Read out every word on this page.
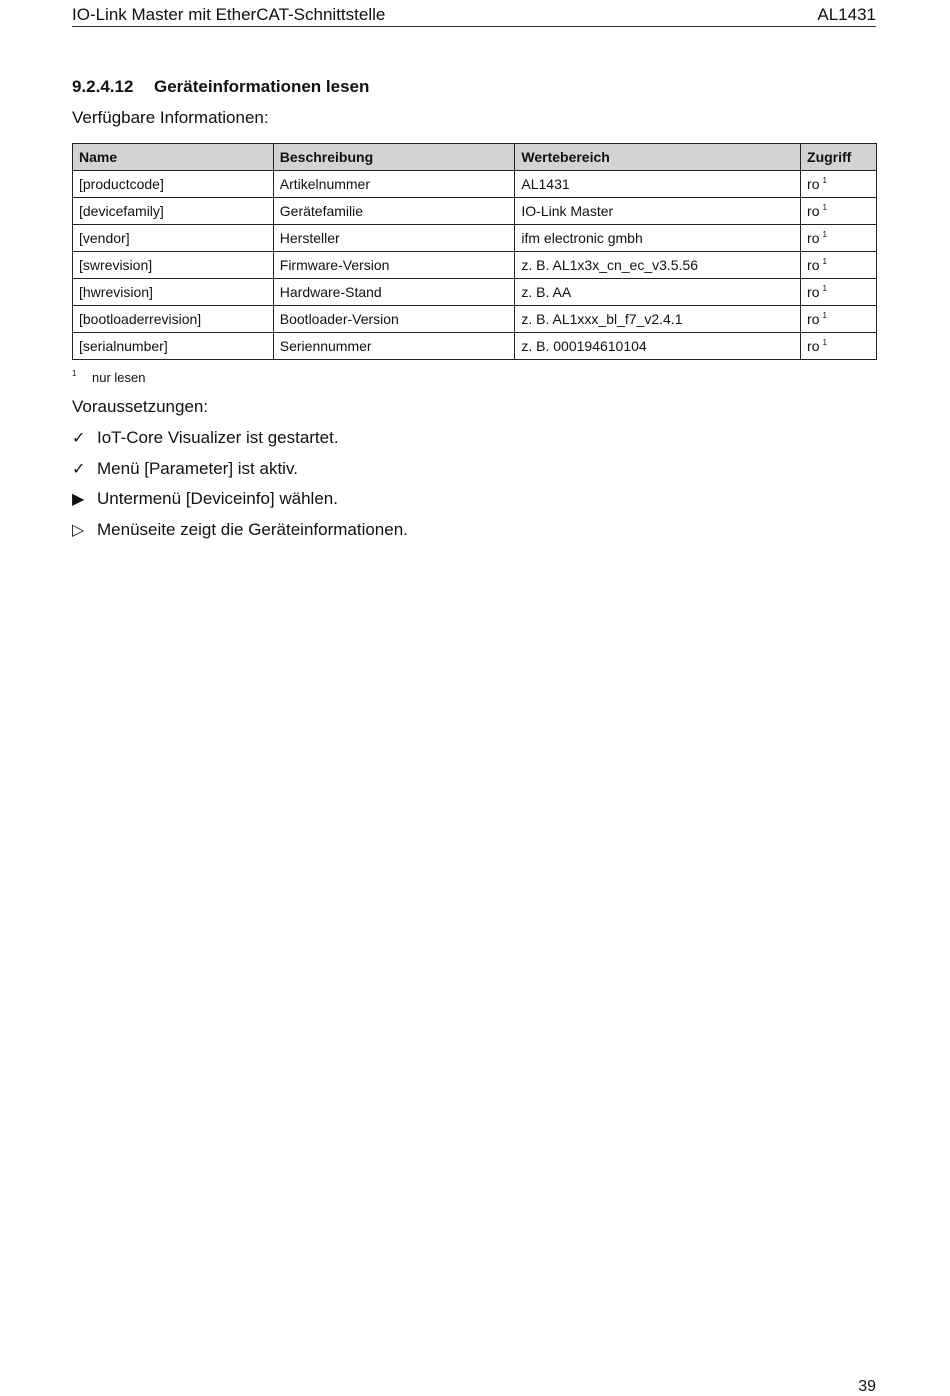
IO-Link Master mit EtherCAT-Schnittstelle	AL1431
9.2.4.12 Geräteinformationen lesen
Verfügbare Informationen:
Name	Beschreibung	Wertebereich	Zugriff
[productcode]	Artikelnummer	AL1431	ro $^1$
[devicefamily]	Gerätefamilie	IO-Link Master	ro $^1$
[vendor]	Hersteller	ifm electronic gmbh	ro $^1$
[swrevision]	Firmware-Version	z. B. AL1x3x_cn_ec_v3.5.56	ro $^1$
[hwrevision]	Hardware-Stand	z. B. AA	ro $^1$
[bootloaderrevision]	Bootloader-Version	z. B. AL1xxx_bl_f7_v2.4.1	ro $^1$
[serialnumber]	Seriennummer	z. B. 000194610104	ro $^1$
1 nur lesen
Voraussetzungen:
✓ IoT-Core Visualizer ist gestartet.
✓ Menü [Parameter] ist aktiv.
▶ Untermenü [Deviceinfo] wählen.
▷ Menüseite zeigt die Geräteinformationen.
39
